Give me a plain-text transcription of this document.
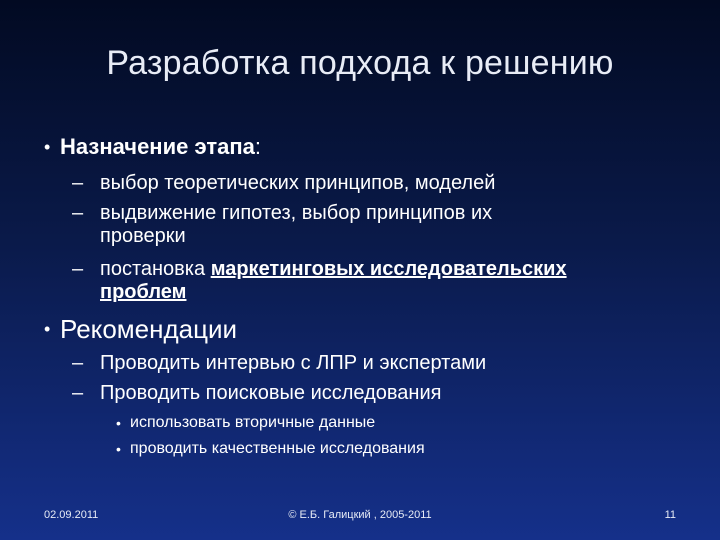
Разработка подхода к решению
• Назначение этапа:
– выбор теоретических принципов, моделей
– выдвижение гипотез, выбор принципов их
проверки
– постановка маркетинговых исследовательских
проблем
• Рекомендации
– Проводить интервью с ЛПР и экспертами
– Проводить поисковые исследования
• использовать вторичные данные
• проводить качественные исследования
02.09.2011	© Е.Б. Галицкий , 2005-2011	11
